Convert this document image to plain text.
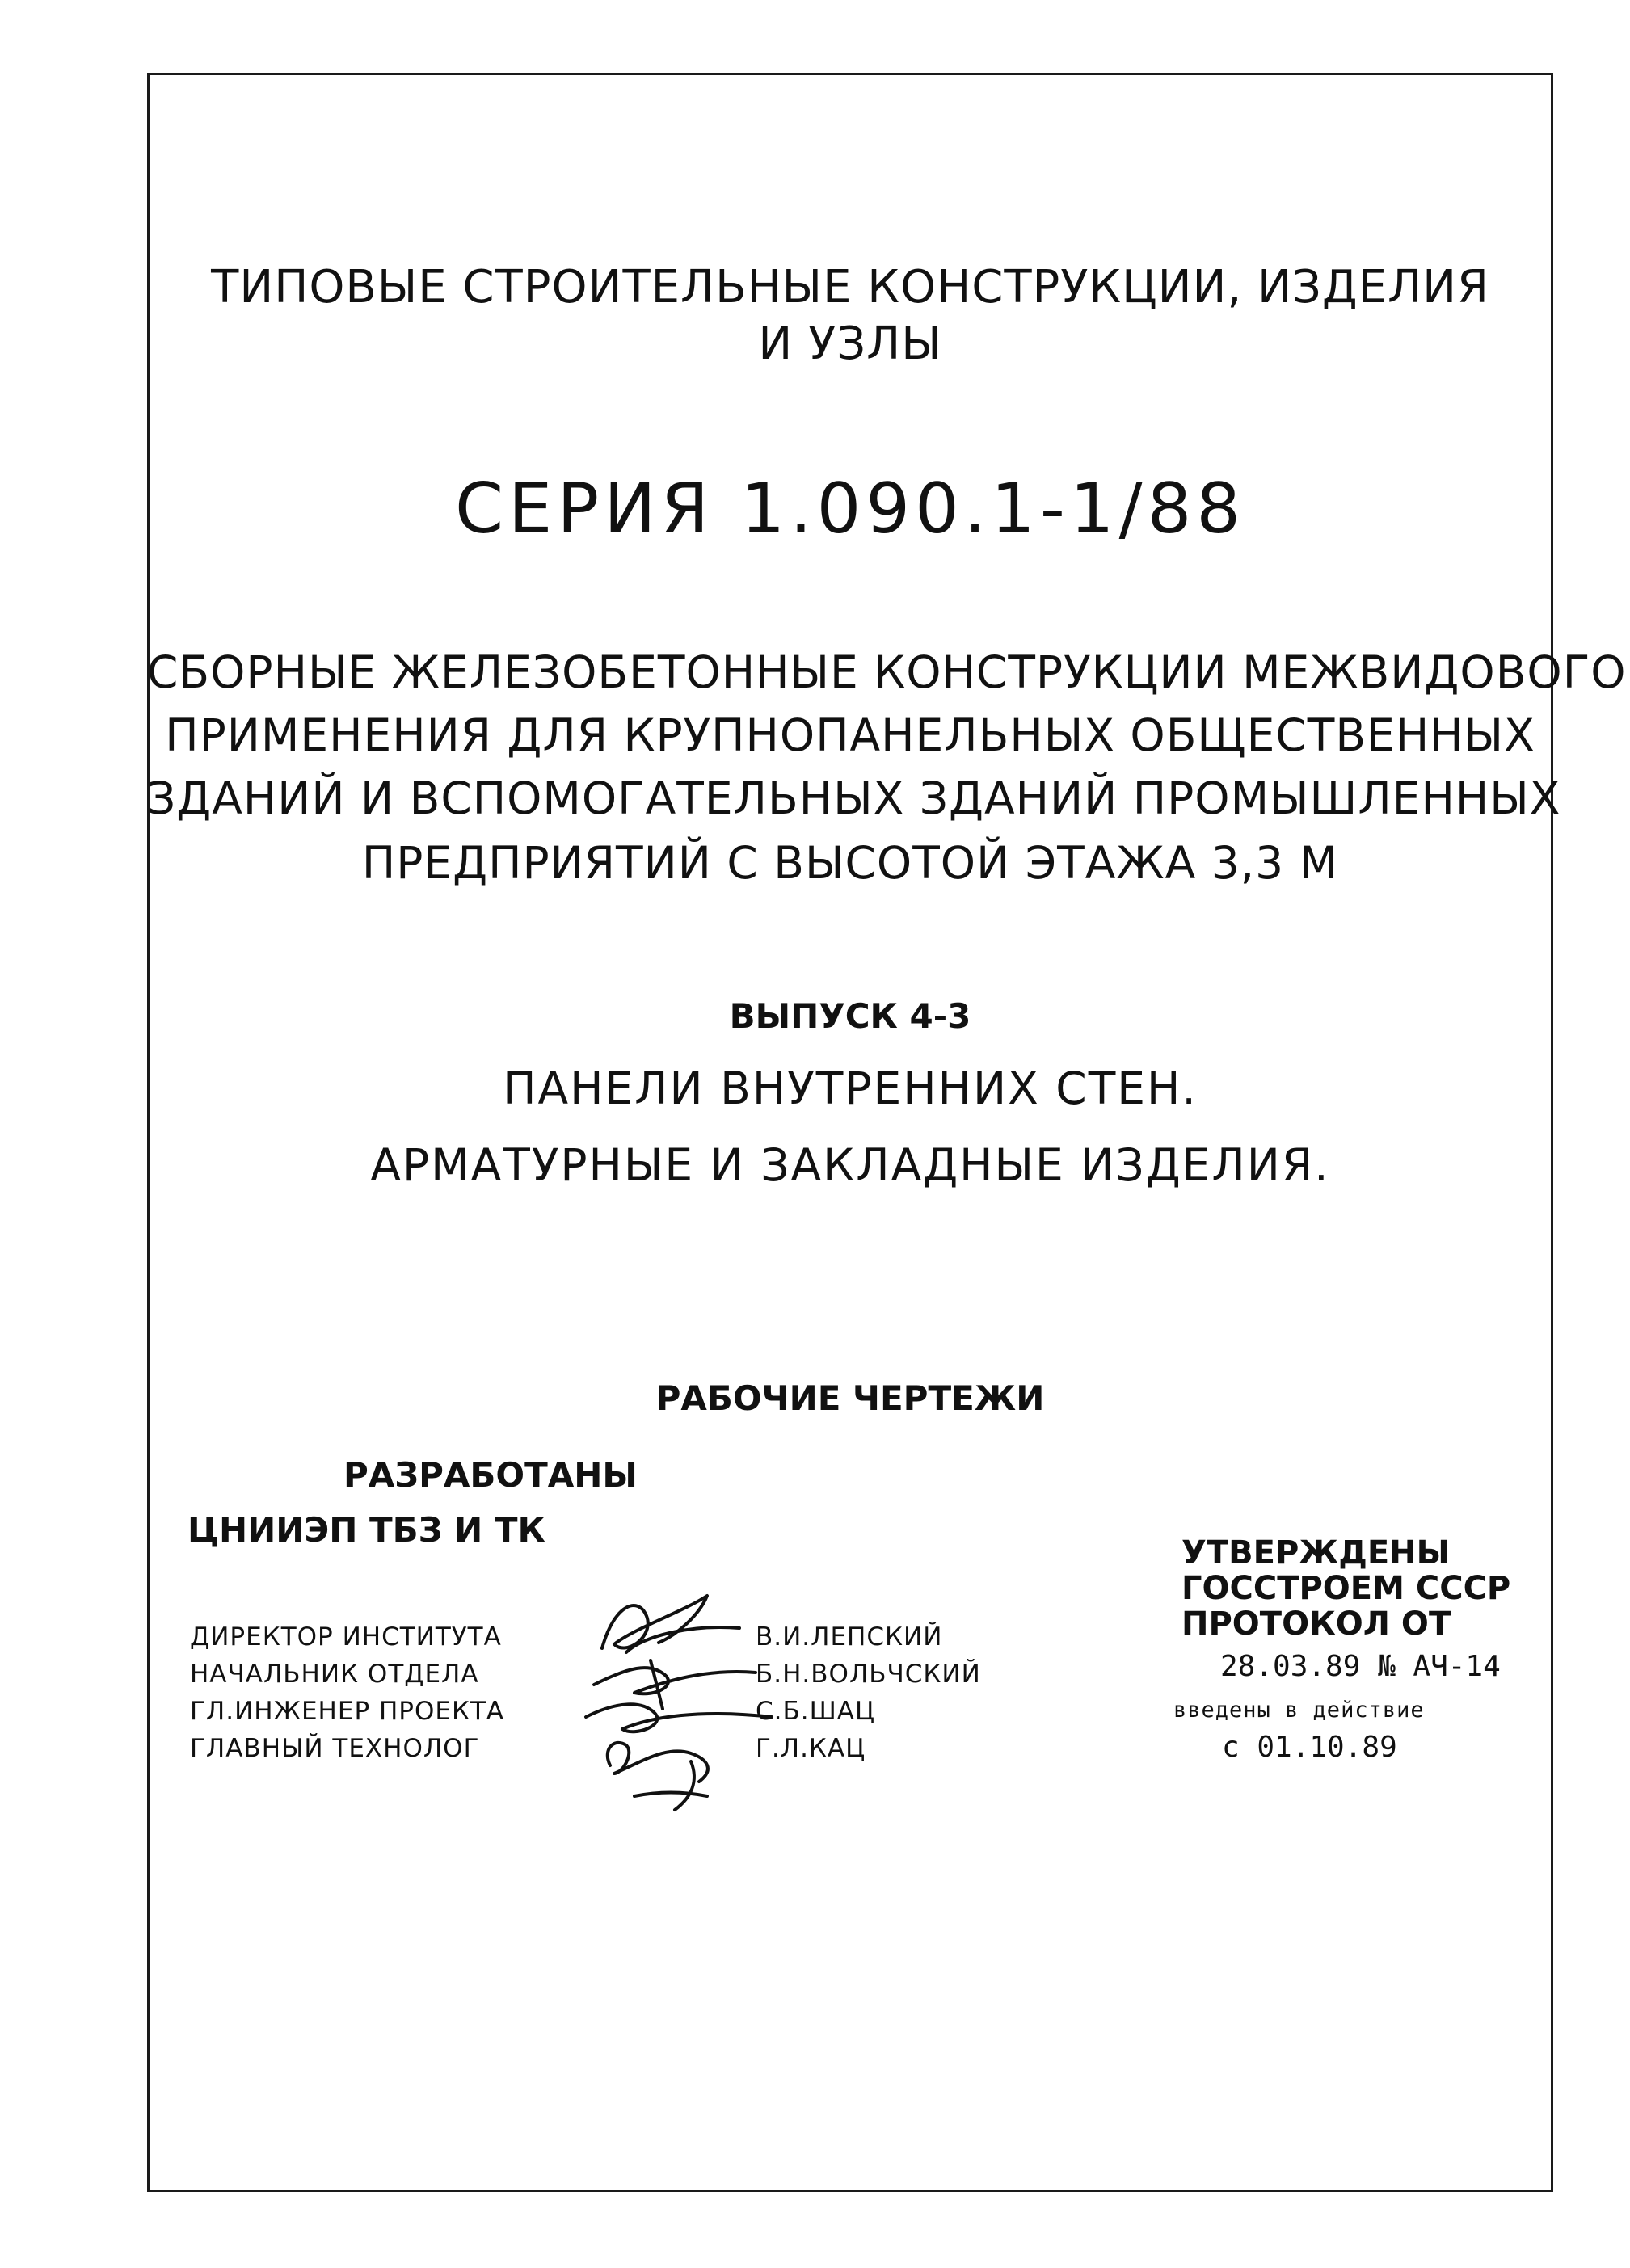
ТИПОВЫЕ СТРОИТЕЛЬНЫЕ КОНСТРУКЦИИ, ИЗДЕЛИЯ
И УЗЛЫ
СЕРИЯ 1.090.1-1/88
СБОРНЫЕ ЖЕЛЕЗОБЕТОННЫЕ КОНСТРУКЦИИ МЕЖВИДОВОГО
ПРИМЕНЕНИЯ ДЛЯ КРУПНОПАНЕЛЬНЫХ ОБЩЕСТВЕННЫХ
ЗДАНИЙ И ВСПОМОГАТЕЛЬНЫХ ЗДАНИЙ ПРОМЫШЛЕННЫХ
ПРЕДПРИЯТИЙ С ВЫСОТОЙ ЭТАЖА 3,3 М
ВЫПУСК 4-3
ПАНЕЛИ ВНУТРЕННИХ СТЕН.
АРМАТУРНЫЕ И ЗАКЛАДНЫЕ ИЗДЕЛИЯ.
РАБОЧИЕ ЧЕРТЕЖИ
РАЗРАБОТАНЫ
ЦНИИЭП ТБЗ И ТК
ДИРЕКТОР ИНСТИТУТА
НАЧАЛЬНИК ОТДЕЛА
ГЛ.ИНЖЕНЕР ПРОЕКТА
ГЛАВНЫЙ ТЕХНОЛОГ
В.И.ЛЕПСКИЙ
Б.Н.ВОЛЬЧСКИЙ
С.Б.ШАЦ
Г.Л.КАЦ
УТВЕРЖДЕНЫ
ГОССТРОЕМ СССР
ПРОТОКОЛ ОТ
28.03.89 № АЧ-14
введены в действие
с 01.10.89
